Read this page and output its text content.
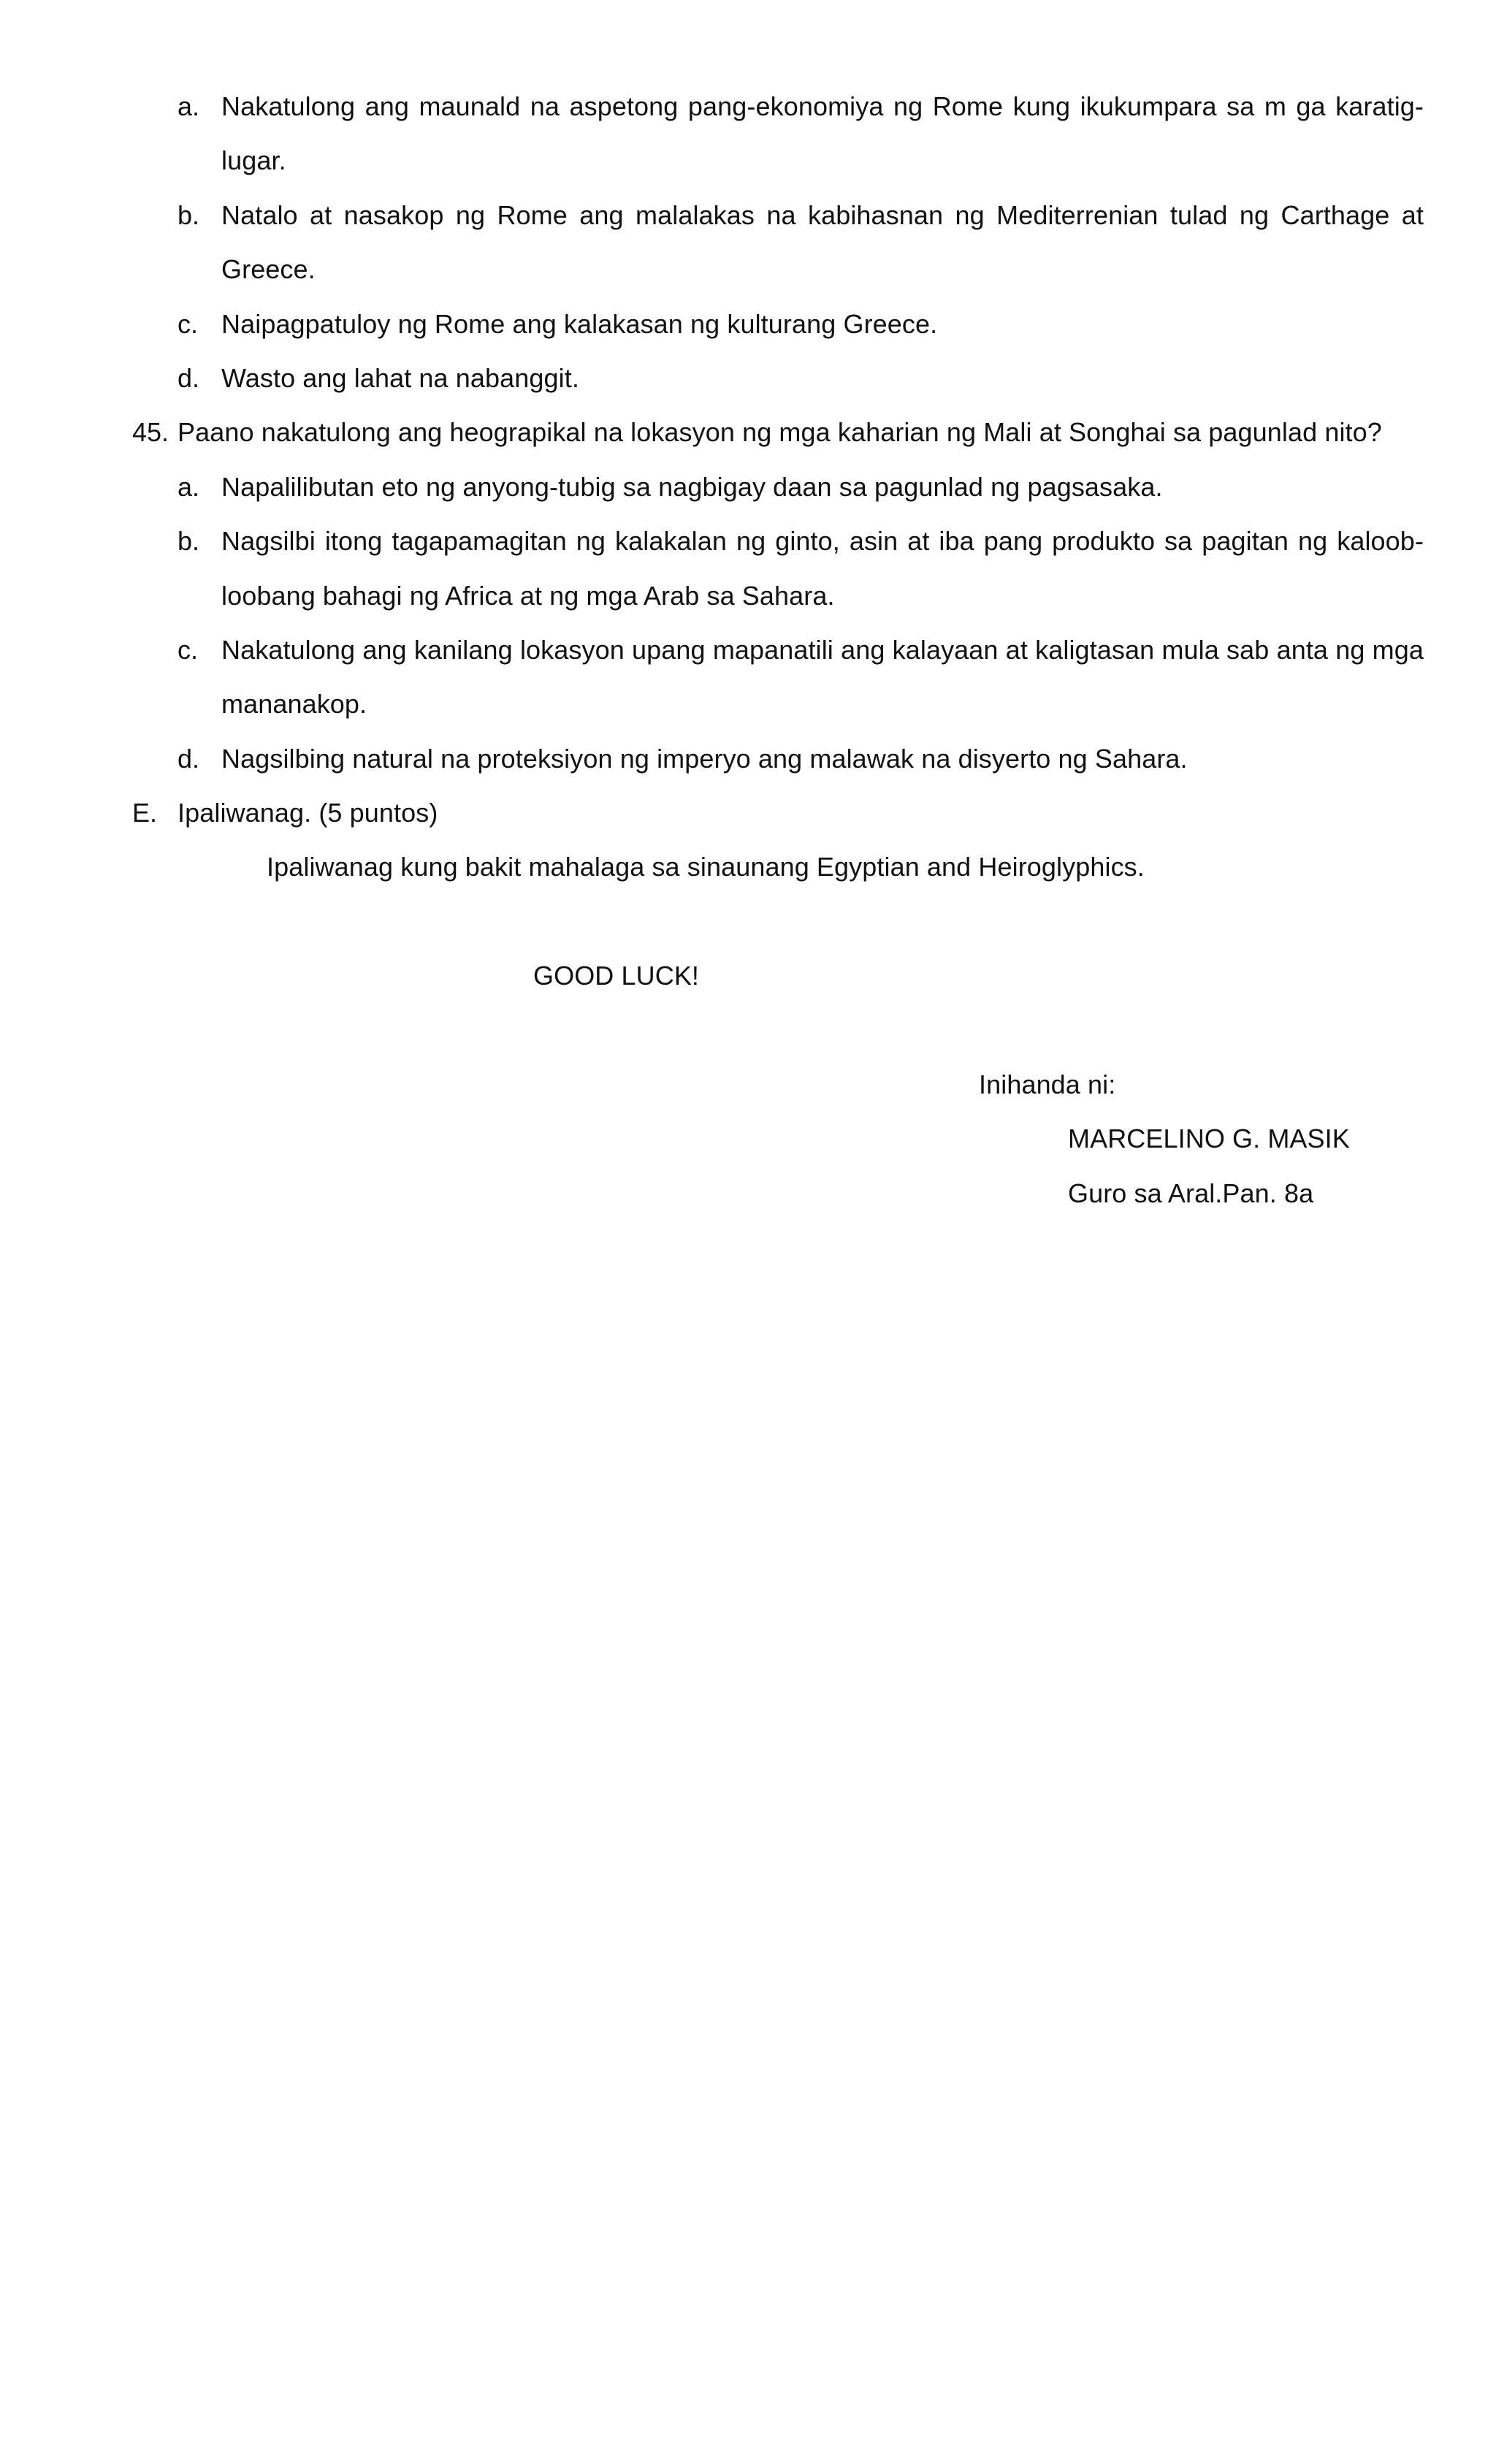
a. Nakatulong ang maunald na aspetong pang-ekonomiya ng Rome kung ikukumpara sa m ga karatig-
lugar.
b. Natalo at nasakop ng Rome ang malalakas na kabihasnan ng Mediterrenian tulad ng Carthage at
Greece.
c. Naipagpatuloy ng Rome ang kalakasan ng kulturang Greece.
d. Wasto ang lahat na nabanggit.
45. Paano nakatulong ang heograpikal na lokasyon ng mga kaharian ng Mali at Songhai sa pagunlad nito?
a. Napalilibutan eto ng anyong-tubig sa nagbigay daan sa pagunlad ng pagsasaka.
b. Nagsilbi itong tagapamagitan ng kalakalan ng ginto, asin at iba pang produkto sa pagitan ng kaloob-
loobang bahagi ng Africa at ng mga Arab sa Sahara.
c. Nakatulong ang kanilang lokasyon upang mapanatili ang kalayaan at kaligtasan mula sab anta ng mga
mananakop.
d. Nagsilbing natural na proteksiyon ng imperyo ang malawak na disyerto ng Sahara.
E. Ipaliwanag. (5 puntos)
Ipaliwanag kung bakit mahalaga sa sinaunang Egyptian and Heiroglyphics.
GOOD LUCK!
Inihanda ni:
MARCELINO G. MASIK
Guro sa Aral.Pan. 8a
